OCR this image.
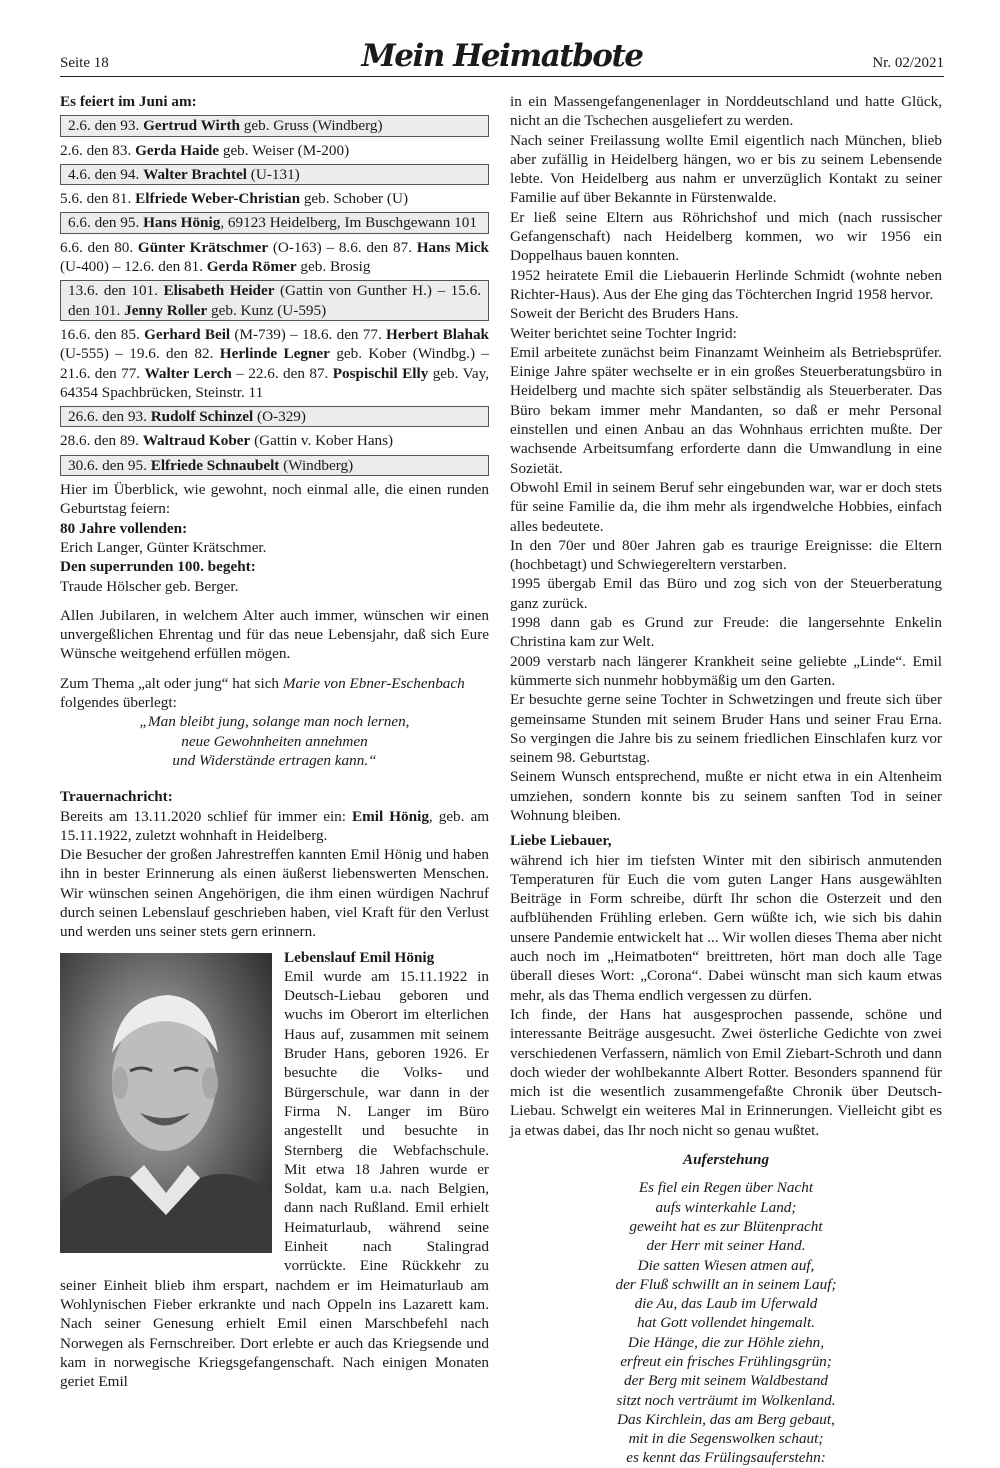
Seite 18	Mein Heimatbote	Nr. 02/2021

Es feiert im Juni am:

2.6. den 93. Gertrud Wirth geb. Gruss (Windberg)

2.6. den 83. Gerda Haide geb. Weiser (M-200)

4.6. den 94. Walter Brachtel (U-131)

5.6. den 81. Elfriede Weber-Christian geb. Schober (U)

6.6. den 95. Hans Hönig, 69123 Heidelberg, Im Buschgewann 101

6.6. den 80. Günter Krätschmer (O-163) – 8.6. den 87. Hans Mick (U-400) – 12.6. den 81. Gerda Römer geb. Brosig

13.6. den 101. Elisabeth Heider (Gattin von Gunther H.) – 15.6. den 101. Jenny Roller geb. Kunz (U-595)

16.6. den 85. Gerhard Beil (M-739) – 18.6. den 77. Herbert Blahak (U-555) – 19.6. den 82. Herlinde Legner geb. Kober (Windbg.) – 21.6. den 77. Walter Lerch – 22.6. den 87. Pospischil Elly geb. Vay, 64354 Spachbrücken, Steinstr. 11

26.6. den 93. Rudolf Schinzel (O-329)

28.6. den 89. Waltraud Kober (Gattin v. Kober Hans)

30.6. den 95. Elfriede Schnaubelt (Windberg)

Hier im Überblick, wie gewohnt, noch einmal alle, die einen runden Geburtstag feiern:

80 Jahre vollenden:

Erich Langer, Günter Krätschmer.

Den superrunden 100. begeht:

Traude Hölscher geb. Berger.

Allen Jubilaren, in welchem Alter auch immer, wünschen wir einen unvergeßlichen Ehrentag und für das neue Lebensjahr, daß sich Eure Wünsche weitgehend erfüllen mögen.

Zum Thema „alt oder jung“ hat sich Marie von Ebner-Eschenbach folgendes überlegt:

„Man bleibt jung, solange man noch lernen,

neue Gewohnheiten annehmen

und Widerstände ertragen kann.“

Trauernachricht:

Bereits am 13.11.2020 schlief für immer ein: Emil Hönig, geb. am 15.11.1922, zuletzt wohnhaft in Heidelberg.

Die Besucher der großen Jahrestreffen kannten Emil Hönig und haben ihn in bester Erinnerung als einen äußerst liebenswerten Menschen. Wir wünschen seinen Angehörigen, die ihm einen würdigen Nachruf durch seinen Lebenslauf geschrieben haben, viel Kraft für den Verlust und werden uns seiner stets gern erinnern.

Lebenslauf Emil Hönig

Emil wurde am 15.11.1922 in Deutsch-Liebau geboren und wuchs im Oberort im elterlichen Haus auf, zusammen mit seinem Bruder Hans, geboren 1926. Er besuchte die Volks- und Bürgerschule, war dann in der Firma N. Langer im Büro angestellt und besuchte in Sternberg die Webfachschule. Mit etwa 18 Jahren wurde er Soldat, kam u.a. nach Belgien, dann nach Rußland. Emil erhielt Heimaturlaub, während seine Einheit nach Stalingrad vorrückte. Eine Rückkehr zu seiner Einheit blieb ihm erspart, nachdem er im Heimaturlaub am Wohlynischen Fieber erkrankte und nach Oppeln ins Lazarett kam. Nach seiner Genesung erhielt Emil einen Marschbefehl nach Norwegen als Fernschreiber. Dort erlebte er auch das Kriegsende und kam in norwegische Kriegsgefangenschaft. Nach einigen Monaten geriet Emil

in ein Massengefangenenlager in Norddeutschland und hatte Glück, nicht an die Tschechen ausgeliefert zu werden.

Nach seiner Freilassung wollte Emil eigentlich nach München, blieb aber zufällig in Heidelberg hängen, wo er bis zu seinem Lebensende lebte. Von Heidelberg aus nahm er unverzüglich Kontakt zu seiner Familie auf über Bekannte in Fürstenwalde.

Er ließ seine Eltern aus Röhrichshof und mich (nach russischer Gefangenschaft) nach Heidelberg kommen, wo wir 1956 ein Doppelhaus bauen konnten.

1952 heiratete Emil die Liebauerin Herlinde Schmidt (wohnte neben Richter-Haus). Aus der Ehe ging das Töchterchen Ingrid 1958 hervor.

Soweit der Bericht des Bruders Hans.

Weiter berichtet seine Tochter Ingrid:

Emil arbeitete zunächst beim Finanzamt Weinheim als Betriebsprüfer. Einige Jahre später wechselte er in ein großes Steuerberatungsbüro in Heidelberg und machte sich später selbständig als Steuerberater. Das Büro bekam immer mehr Mandanten, so daß er mehr Personal einstellen und einen Anbau an das Wohnhaus errichten mußte. Der wachsende Arbeitsumfang erforderte dann die Umwandlung in eine Sozietät.

Obwohl Emil in seinem Beruf sehr eingebunden war, war er doch stets für seine Familie da, die ihm mehr als irgendwelche Hobbies, einfach alles bedeutete.

In den 70er und 80er Jahren gab es traurige Ereignisse: die Eltern (hochbetagt) und Schwiegereltern verstarben.

1995 übergab Emil das Büro und zog sich von der Steuerberatung ganz zurück.

1998 dann gab es Grund zur Freude: die langersehnte Enkelin Christina kam zur Welt.

2009 verstarb nach längerer Krankheit seine geliebte „Linde“. Emil kümmerte sich nunmehr hobbymäßig um den Garten.

Er besuchte gerne seine Tochter in Schwetzingen und freute sich über gemeinsame Stunden mit seinem Bruder Hans und seiner Frau Erna. So vergingen die Jahre bis zu seinem friedlichen Einschlafen kurz vor seinem 98. Geburtstag.

Seinem Wunsch entsprechend, mußte er nicht etwa in ein Altenheim umziehen, sondern konnte bis zu seinem sanften Tod in seiner Wohnung bleiben.

Liebe Liebauer,

während ich hier im tiefsten Winter mit den sibirisch anmutenden Temperaturen für Euch die vom guten Langer Hans ausgewählten Beiträge in Form schreibe, dürft Ihr schon die Osterzeit und den aufblühenden Frühling erleben. Gern wüßte ich, wie sich bis dahin unsere Pandemie entwickelt hat ... Wir wollen dieses Thema aber nicht auch noch im „Heimatboten“ breittreten, hört man doch alle Tage überall dieses Wort: „Corona“. Dabei wünscht man sich kaum etwas mehr, als das Thema endlich vergessen zu dürfen.

Ich finde, der Hans hat ausgesprochen passende, schöne und interessante Beiträge ausgesucht. Zwei österliche Gedichte von zwei verschiedenen Verfassern, nämlich von Emil Ziebart-Schroth und dann doch wieder der wohlbekannte Albert Rotter. Besonders spannend für mich ist die wesentlich zusammengefaßte Chronik über Deutsch-Liebau. Schwelgt ein weiteres Mal in Erinnerungen. Vielleicht gibt es ja etwas dabei, das Ihr noch nicht so genau wußtet.

Auferstehung

Es fiel ein Regen über Nacht

aufs winterkahle Land;

geweiht hat es zur Blütenpracht

der Herr mit seiner Hand.

Die satten Wiesen atmen auf,

der Fluß schwillt an in seinem Lauf;

die Au, das Laub im Uferwald

hat Gott vollendet hingemalt.

Die Hänge, die zur Höhle ziehn,

erfreut ein frisches Frühlingsgrün;

der Berg mit seinem Waldbestand

sitzt noch verträumt im Wolkenland.

Das Kirchlein, das am Berg gebaut,

mit in die Segenswolken schaut;

es kennt das Frülingsauferstehn:
